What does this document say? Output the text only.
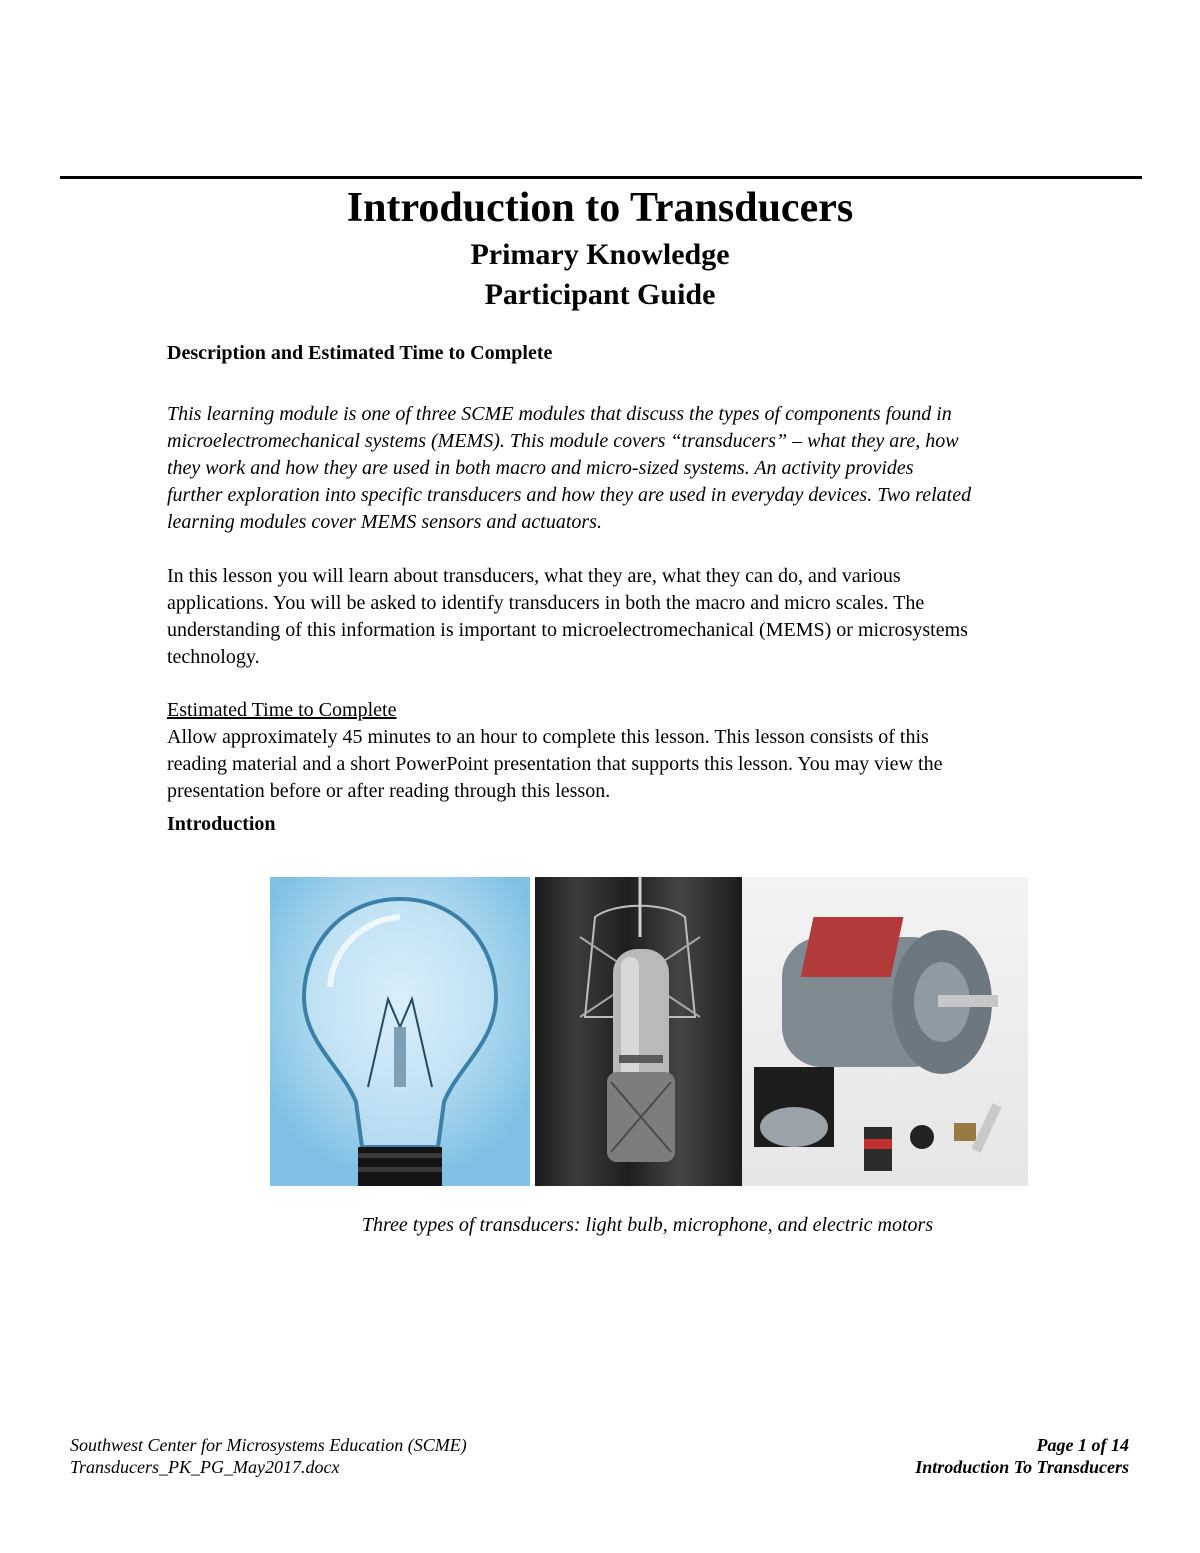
Introduction to Transducers
Primary Knowledge
Participant Guide
Description and Estimated Time to Complete
This learning module is one of three SCME modules that discuss the types of components found in
microelectromechanical systems (MEMS). This module covers “transducers” – what they are, how
they work and how they are used in both macro and micro-sized systems. An activity provides
further exploration into specific transducers and how they are used in everyday devices. Two related
learning modules cover MEMS sensors and actuators.
In this lesson you will learn about transducers, what they are, what they can do, and various
applications. You will be asked to identify transducers in both the macro and micro scales. The
understanding of this information is important to microelectromechanical (MEMS) or microsystems
technology.
Estimated Time to Complete
Allow approximately 45 minutes to an hour to complete this lesson. This lesson consists of this
reading material and a short PowerPoint presentation that supports this lesson. You may view the
presentation before or after reading through this lesson.
Introduction
Three types of transducers: light bulb, microphone, and electric motors
Southwest Center for Microsystems Education (SCME)
Transducers_PK_PG_May2017.docx
Page 1 of 14
Introduction To Transducers
